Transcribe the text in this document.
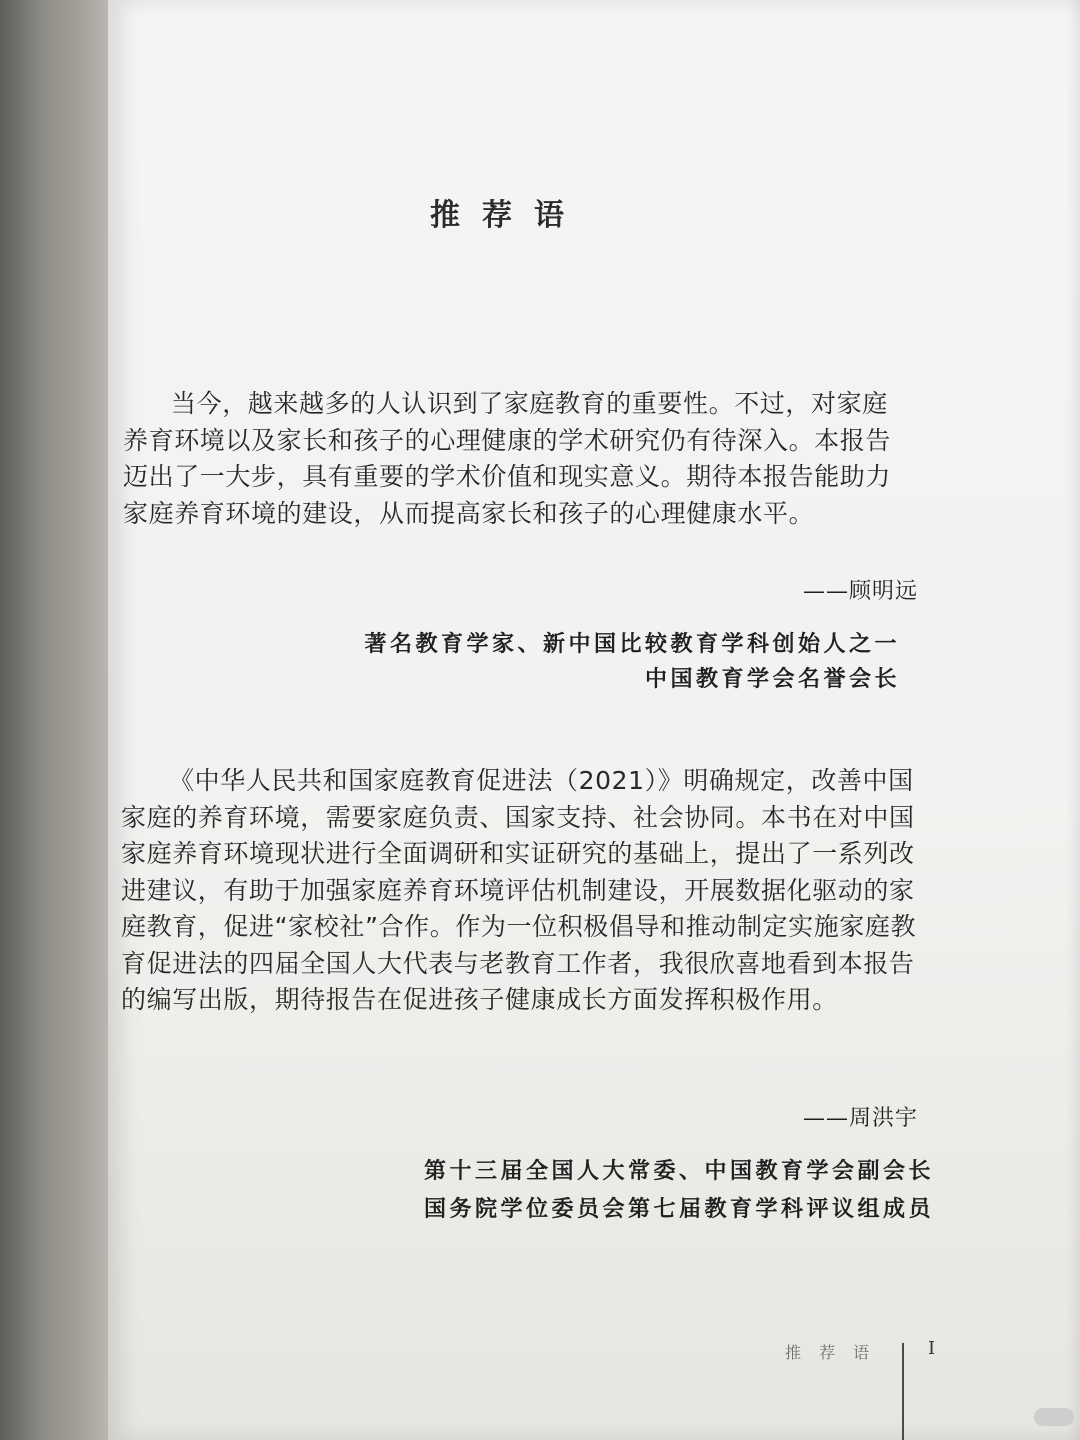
推荐语
当今，越来越多的人认识到了家庭教育的重要性。不过，对家庭养育环境以及家长和孩子的心理健康的学术研究仍有待深入。本报告迈出了一大步，具有重要的学术价值和现实意义。期待本报告能助力家庭养育环境的建设，从而提高家长和孩子的心理健康水平。
——顾明远
著名教育学家、新中国比较教育学科创始人之一
中国教育学会名誉会长
《中华人民共和国家庭教育促进法（2021）》明确规定，改善中国家庭的养育环境，需要家庭负责、国家支持、社会协同。本书在对中国家庭养育环境现状进行全面调研和实证研究的基础上，提出了一系列改进建议，有助于加强家庭养育环境评估机制建设，开展数据化驱动的家庭教育，促进“家校社”合作。作为一位积极倡导和推动制定实施家庭教育促进法的四届全国人大代表与老教育工作者，我很欣喜地看到本报告的编写出版，期待报告在促进孩子健康成长方面发挥积极作用。
——周洪宇
第十三届全国人大常委、中国教育学会副会长
国务院学位委员会第七届教育学科评议组成员
推荐语 I
